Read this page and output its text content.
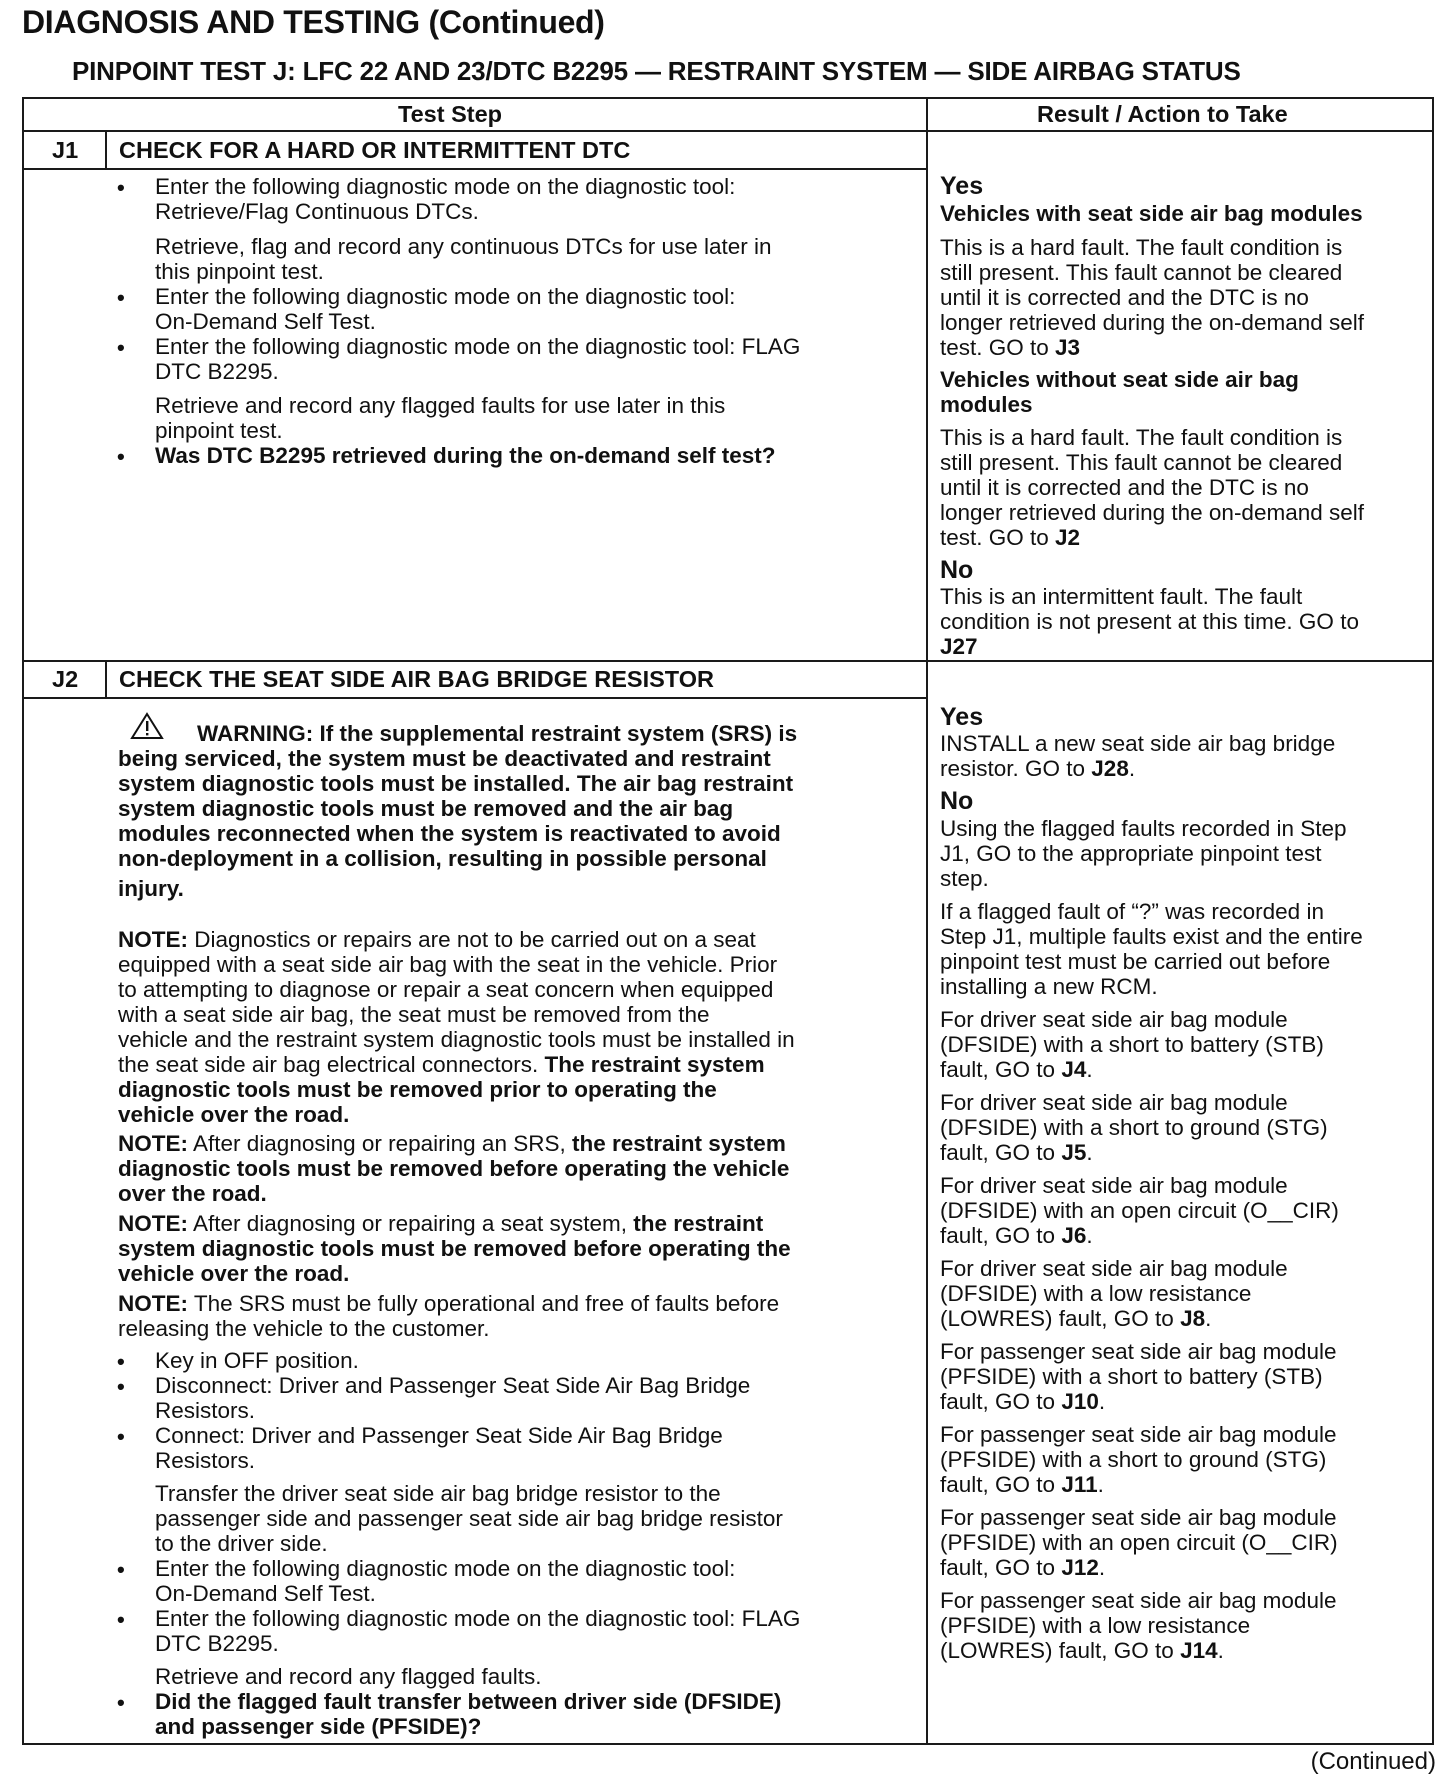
DIAGNOSIS AND TESTING (Continued)
PINPOINT TEST J: LFC 22 AND 23/DTC B2295 — RESTRAINT SYSTEM — SIDE AIRBAG STATUS
Test Step	Result / Action to Take
J1 CHECK FOR A HARD OR INTERMITTENT DTC
• Enter the following diagnostic mode on the diagnostic tool:
Retrieve/Flag Continuous DTCs.
Retrieve, flag and record any continuous DTCs for use later in
this pinpoint test.
• Enter the following diagnostic mode on the diagnostic tool:
On-Demand Self Test.
• Enter the following diagnostic mode on the diagnostic tool: FLAG
DTC B2295.
Retrieve and record any flagged faults for use later in this
pinpoint test.
• Was DTC B2295 retrieved during the on-demand self test?
Yes
Vehicles with seat side air bag modules
This is a hard fault. The fault condition is
still present. This fault cannot be cleared
until it is corrected and the DTC is no
longer retrieved during the on-demand self
test. GO to J3
Vehicles without seat side air bag
modules
This is a hard fault. The fault condition is
still present. This fault cannot be cleared
until it is corrected and the DTC is no
longer retrieved during the on-demand self
test. GO to J2
No
This is an intermittent fault. The fault
condition is not present at this time. GO to
J27
J2 CHECK THE SEAT SIDE AIR BAG BRIDGE RESISTOR
WARNING: If the supplemental restraint system (SRS) is
being serviced, the system must be deactivated and restraint
system diagnostic tools must be installed. The air bag restraint
system diagnostic tools must be removed and the air bag
modules reconnected when the system is reactivated to avoid
non-deployment in a collision, resulting in possible personal
injury.
NOTE: Diagnostics or repairs are not to be carried out on a seat
equipped with a seat side air bag with the seat in the vehicle. Prior
to attempting to diagnose or repair a seat concern when equipped
with a seat side air bag, the seat must be removed from the
vehicle and the restraint system diagnostic tools must be installed in
the seat side air bag electrical connectors. The restraint system
diagnostic tools must be removed prior to operating the
vehicle over the road.
NOTE: After diagnosing or repairing an SRS, the restraint system
diagnostic tools must be removed before operating the vehicle
over the road.
NOTE: After diagnosing or repairing a seat system, the restraint
system diagnostic tools must be removed before operating the
vehicle over the road.
NOTE: The SRS must be fully operational and free of faults before
releasing the vehicle to the customer.
• Key in OFF position.
• Disconnect: Driver and Passenger Seat Side Air Bag Bridge
Resistors.
• Connect: Driver and Passenger Seat Side Air Bag Bridge
Resistors.
Transfer the driver seat side air bag bridge resistor to the
passenger side and passenger seat side air bag bridge resistor
to the driver side.
• Enter the following diagnostic mode on the diagnostic tool:
On-Demand Self Test.
• Enter the following diagnostic mode on the diagnostic tool: FLAG
DTC B2295.
Retrieve and record any flagged faults.
• Did the flagged fault transfer between driver side (DFSIDE)
and passenger side (PFSIDE)?
Yes
INSTALL a new seat side air bag bridge
resistor. GO to J28.
No
Using the flagged faults recorded in Step
J1, GO to the appropriate pinpoint test
step.
If a flagged fault of “?” was recorded in
Step J1, multiple faults exist and the entire
pinpoint test must be carried out before
installing a new RCM.
For driver seat side air bag module
(DFSIDE) with a short to battery (STB)
fault, GO to J4.
For driver seat side air bag module
(DFSIDE) with a short to ground (STG)
fault, GO to J5.
For driver seat side air bag module
(DFSIDE) with an open circuit (O__CIR)
fault, GO to J6.
For driver seat side air bag module
(DFSIDE) with a low resistance
(LOWRES) fault, GO to J8.
For passenger seat side air bag module
(PFSIDE) with a short to battery (STB)
fault, GO to J10.
For passenger seat side air bag module
(PFSIDE) with a short to ground (STG)
fault, GO to J11.
For passenger seat side air bag module
(PFSIDE) with an open circuit (O__CIR)
fault, GO to J12.
For passenger seat side air bag module
(PFSIDE) with a low resistance
(LOWRES) fault, GO to J14.
(Continued)
